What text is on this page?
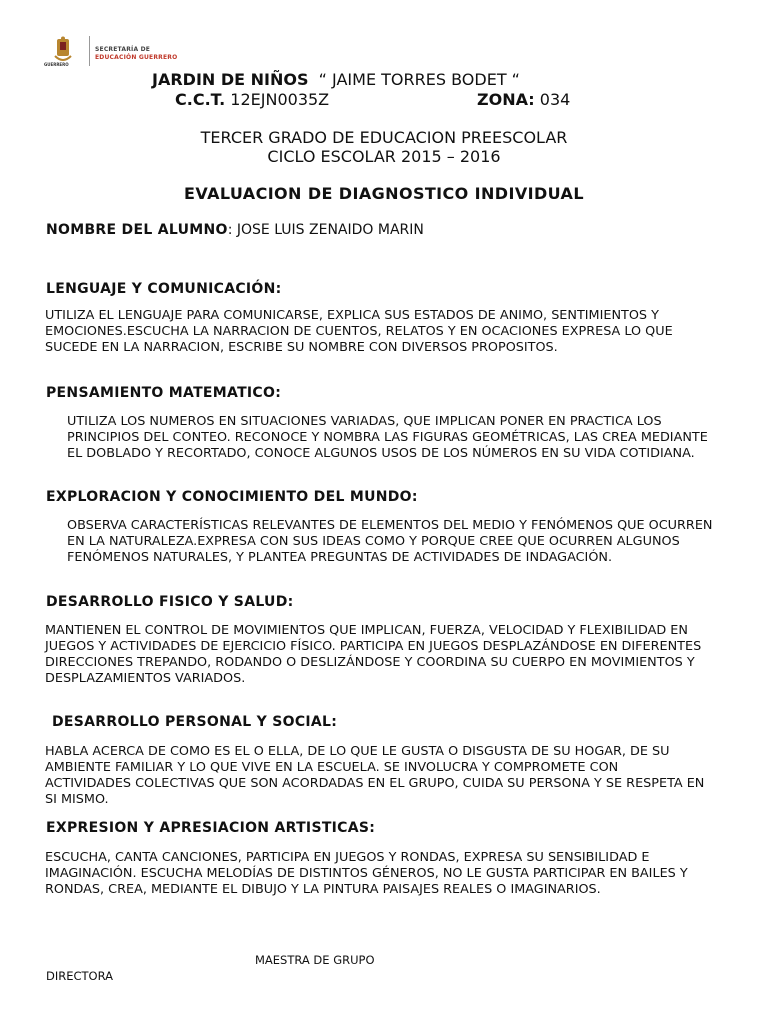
GUERRERO
SECRETARÍA DE
EDUCACIÓN GUERRERO
JARDIN DE NIÑOS “ JAIME TORRES BODET “
C.C.T. 12EJN0035Z	ZONA: 034
TERCER GRADO DE EDUCACION PREESCOLAR
CICLO ESCOLAR 2015 – 2016
EVALUACION DE DIAGNOSTICO INDIVIDUAL
NOMBRE DEL ALUMNO: JOSE LUIS ZENAIDO MARIN
LENGUAJE Y COMUNICACIÓN:
UTILIZA EL LENGUAJE PARA COMUNICARSE, EXPLICA SUS ESTADOS DE ANIMO, SENTIMIENTOS Y EMOCIONES.ESCUCHA LA NARRACION DE CUENTOS, RELATOS Y EN OCACIONES EXPRESA LO QUE SUCEDE EN LA NARRACION, ESCRIBE SU NOMBRE CON DIVERSOS PROPOSITOS.
PENSAMIENTO MATEMATICO:
UTILIZA LOS NUMEROS EN SITUACIONES VARIADAS, QUE IMPLICAN PONER EN PRACTICA LOS PRINCIPIOS DEL CONTEO. RECONOCE Y NOMBRA LAS FIGURAS GEOMÉTRICAS, LAS CREA MEDIANTE EL DOBLADO Y RECORTADO, CONOCE ALGUNOS USOS DE LOS NÚMEROS EN SU VIDA COTIDIANA.
EXPLORACION Y CONOCIMIENTO DEL MUNDO:
OBSERVA CARACTERÍSTICAS RELEVANTES DE ELEMENTOS DEL MEDIO Y FENÓMENOS QUE OCURREN EN LA NATURALEZA.EXPRESA CON SUS IDEAS COMO Y PORQUE CREE QUE OCURREN ALGUNOS FENÓMENOS NATURALES, Y PLANTEA PREGUNTAS DE ACTIVIDADES DE INDAGACIÓN.
DESARROLLO FISICO Y SALUD:
MANTIENEN EL CONTROL DE MOVIMIENTOS QUE IMPLICAN, FUERZA, VELOCIDAD Y FLEXIBILIDAD EN JUEGOS Y ACTIVIDADES DE EJERCICIO FÍSICO. PARTICIPA EN JUEGOS DESPLAZÁNDOSE EN DIFERENTES DIRECCIONES TREPANDO, RODANDO O DESLIZÁNDOSE Y COORDINA SU CUERPO EN MOVIMIENTOS Y DESPLAZAMIENTOS VARIADOS.
DESARROLLO PERSONAL Y SOCIAL:
HABLA ACERCA DE COMO ES EL O ELLA, DE LO QUE LE GUSTA O DISGUSTA DE SU HOGAR, DE SU AMBIENTE FAMILIAR Y LO QUE VIVE EN LA ESCUELA. SE INVOLUCRA Y COMPROMETE CON ACTIVIDADES COLECTIVAS QUE SON ACORDADAS EN EL GRUPO, CUIDA SU PERSONA Y SE RESPETA EN SI MISMO.
EXPRESION Y APRESIACION ARTISTICAS:
ESCUCHA, CANTA CANCIONES, PARTICIPA EN JUEGOS Y RONDAS, EXPRESA SU SENSIBILIDAD E IMAGINACIÓN. ESCUCHA MELODÍAS DE DISTINTOS GÉNEROS, NO LE GUSTA PARTICIPAR EN BAILES Y RONDAS, CREA, MEDIANTE EL DIBUJO Y LA PINTURA PAISAJES REALES O IMAGINARIOS.
MAESTRA DE GRUPO
DIRECTORA
